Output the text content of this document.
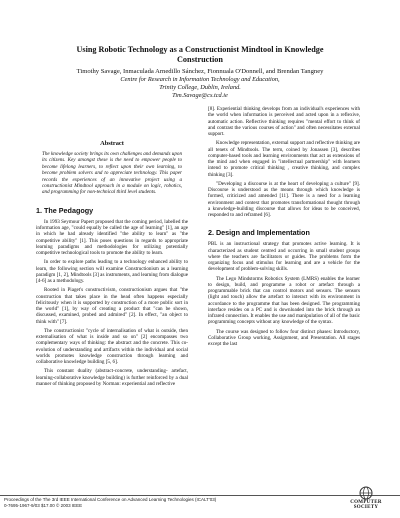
Using Robotic Technology as a Constructionist Mindtool in Knowledge
Construction
Timothy Savage, Inmaculada Arnedillo Sánchez, Fionnuala O'Donnell, and Brendan Tangney
Centre for Research in Information Technology and Education,
Trinity College, Dublin, Ireland.
Tim.Savage@cs.tcd.ie
Abstract
The knowledge society brings its own challenges and demands upon its citizens. Key amongst these is the need to empower people to become lifelong learners, to reflect upon their own learning, to become problem solvers and to appreciate technology. This paper records the experiences of an innovative project using a constructionist Mindtool approach in a module on logic, robotics, and programming for non-technical third level students.
1. The Pedagogy

In 1993 Seymour Papert proposed that the coming period, labelled the information age, "could equally be called the age of learning" [1], an age in which he had already identified "the ability to learn" as "the competitive ability" [1]. This poses questions in regards to appropriate learning paradigms and methodologies for utilizing potentially competitive technological tools to promote the ability to learn.

In order to explore paths leading to a technology enhanced ability to learn, the following section will examine Constructionism as a learning paradigm [1, 2], Mindtools [3] as instruments, and learning from dialogue [4-6] as a methodology.

Rooted in Piaget's constructivism, constructionism argues that "the construction that takes place in the head often happens especially felicitously when it is supported by construction of a more public sort in the world" [1], by way of creating a product that "can be shown, discussed, examined, probed and admired" [2]. In effect, "an object to think with" [7].

The constructionist "cycle of internalisation of what is outside, then externalisation of what is inside and so on" [2] encompasses two complementary ways of thinking: the abstract and the concrete. This co-evolution of understanding and artifacts within the individual and social worlds promotes knowledge construction through learning and collaborative knowledge building [5, 6].

This constant duality (abstract-concrete, understanding- artefact, learning-collaborative knowledge building) is further reinforced by a dual manner of thinking proposed by Norman: experiential and reflective

[8]. Experiential thinking develops from an individual's experiences with the world when information is perceived and acted upon in a reflexive, automatic action. Reflective thinking requires "mental effort to think of and contrast the various courses of action" and often necessitates external support.

Knowledge representation, external support and reflective thinking are all tenets of Mindtools. The term, coined by Jonassen [3], describes computer-based tools and learning environments that act as extensions of the mind and when engaged in "intellectual partnership" with learners intend to promote critical thinking , creative thinking, and complex thinking [3].

"Developing a discourse is at the heart of developing a culture" [9]. Discourse is understood as the means through which knowledge is formed, criticized and amended [11]. There is a need for a learning environment and context that promotes transformational thought through a knowledge-building discourse that allows for ideas to be conceived, responded to and reframed [6].

2. Design and Implementation

PBL is an instructional strategy that promotes active learning. It is characterized as student centred and occurring in small student groups where the teachers are facilitators or guides. The problems form the organizing focus and stimulus for learning and are a vehicle for the development of problem-solving skills.

The Lego Mindstorms Robotics System (LMRS) enables the learner to design, build, and programme a robot or artefact through a programmable brick that can control motors and sensors. The sensors (light and touch) allow the artefact to interact with its environment in accordance to the programme that has been designed. The programming interface resides on a PC and is downloaded into the brick through an infrared connection. It enables the use and manipulation of all of the basic programming concepts without any knowledge of the syntax.

The course was designed to follow four distinct phases: Introductory, Collaborative Group working, Assignment, and Presentation. All stages except the last

Proceedings of the The 3rd IEEE International Conference on Advanced Learning Technologies (ICALT'03)
0-7695-1967-9/03 $17.00 © 2003 IEEE	COMPUTER
SOCIETY
